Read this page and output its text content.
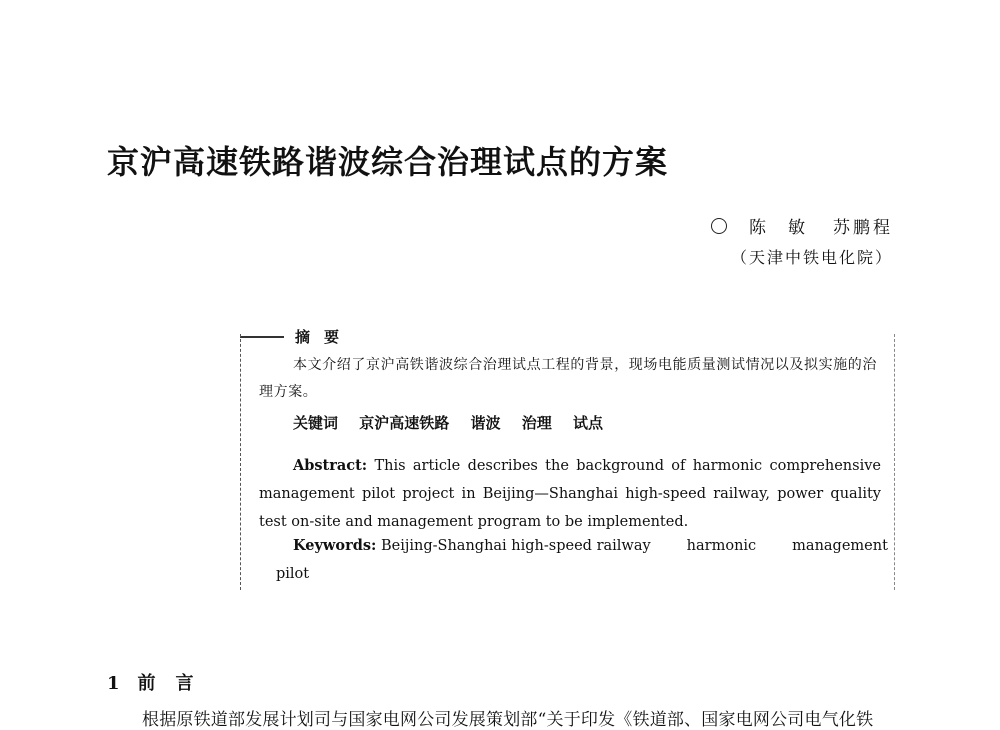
京沪高速铁路谐波综合治理试点的方案
陈敏 苏鹏程
（天津中铁电化院）
摘要
本文介绍了京沪高铁谐波综合治理试点工程的背景，现场电能质量测试情况以及拟实施的治理方案。
关键词 京沪高速铁路 谐波 治理 试点
Abstract: This article describes the background of harmonic comprehensive management pilot project in Beijing—Shanghai high-speed railway, power quality test on-site and management program to be implemented.
Keywords: Beijing-Shanghai high-speed railway harmonic management
pilot
1 前言
根据原铁道部发展计划司与国家电网公司发展策划部“关于印发《铁道部、国家电网公司电气化铁
